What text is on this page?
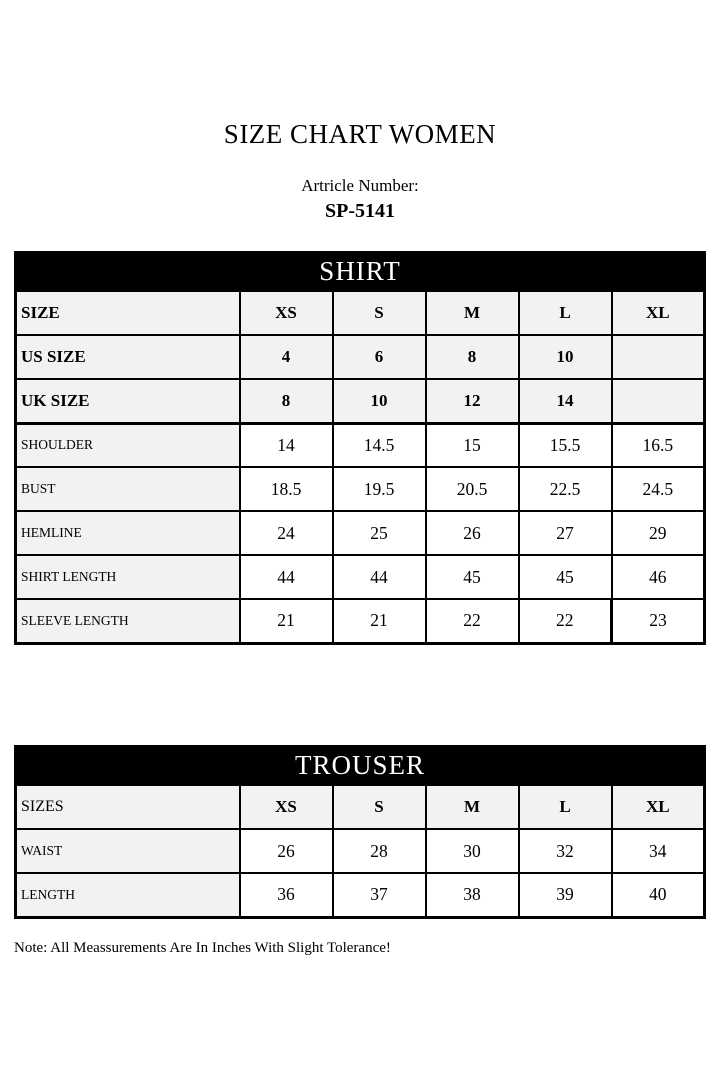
SIZE CHART WOMEN
Artricle Number:
SP-5141
SHIRT					
SIZE	XS	S	M	L	XL
US SIZE	4	6	8	10	
UK SIZE	8	10	12	14	
SHOULDER	14	14.5	15	15.5	16.5
BUST	18.5	19.5	20.5	22.5	24.5
HEMLINE	24	25	26	27	29
SHIRT LENGTH	44	44	45	45	46
SLEEVE LENGTH	21	21	22	22	23
TROUSER					
SIZES	XS	S	M	L	XL
WAIST	26	28	30	32	34
LENGTH	36	37	38	39	40
Note: All Meassurements Are In Inches With Slight Tolerance!
